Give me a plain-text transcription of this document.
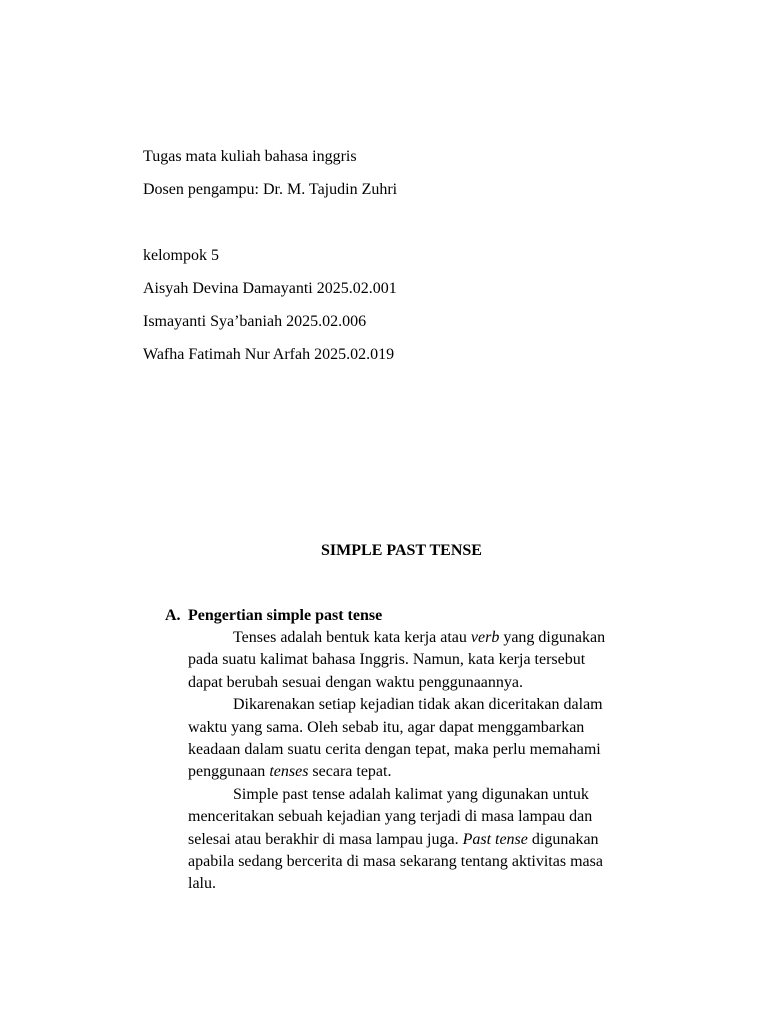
Tugas mata kuliah bahasa inggris
Dosen pengampu: Dr. M. Tajudin Zuhri
kelompok 5
Aisyah Devina Damayanti 2025.02.001
Ismayanti Sya’baniah 2025.02.006
Wafha Fatimah Nur Arfah 2025.02.019
SIMPLE PAST TENSE
A. Pengertian simple past tense

Tenses adalah bentuk kata kerja atau verb yang digunakan
pada suatu kalimat bahasa Inggris. Namun, kata kerja tersebut
dapat berubah sesuai dengan waktu penggunaannya.

Dikarenakan setiap kejadian tidak akan diceritakan dalam
waktu yang sama. Oleh sebab itu, agar dapat menggambarkan
keadaan dalam suatu cerita dengan tepat, maka perlu memahami
penggunaan tenses secara tepat.

Simple past tense adalah kalimat yang digunakan untuk
menceritakan sebuah kejadian yang terjadi di masa lampau dan
selesai atau berakhir di masa lampau juga. Past tense digunakan
apabila sedang bercerita di masa sekarang tentang aktivitas masa
lalu.
